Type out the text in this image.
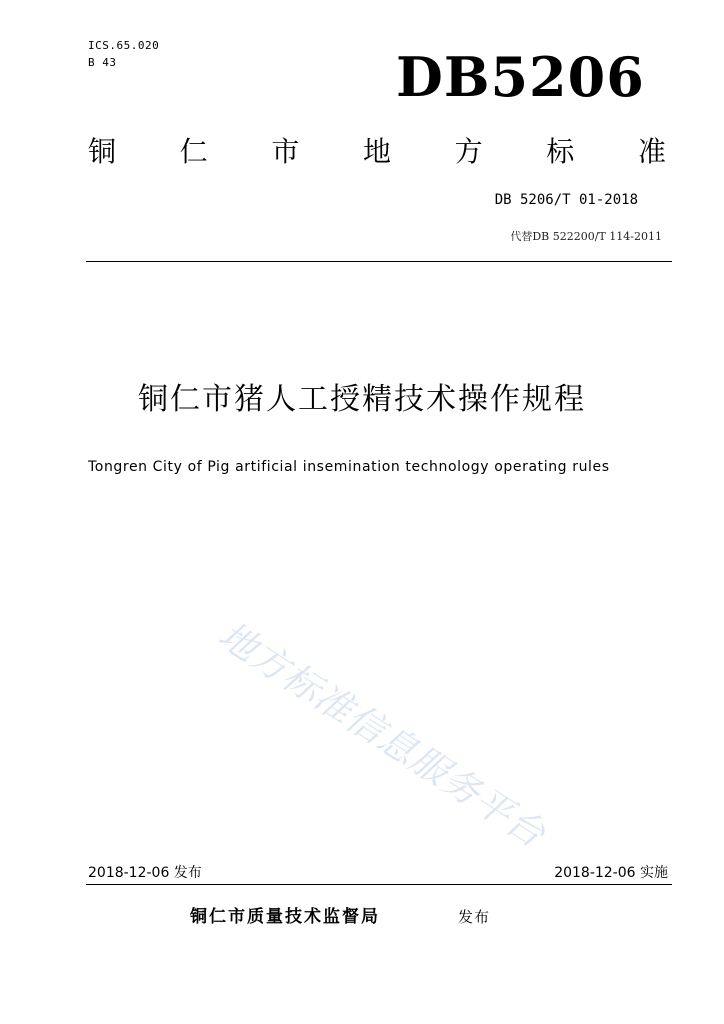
ICS.65.020
B 43	DB5206
铜 仁 市 地 方 标 准
DB 5206/T 01-2018
代替DB 522200/T 114-2011
铜仁市猪人工授精技术操作规程
Tongren City of Pig artificial insemination technology operating rules
地方标准信息服务平台
2018-12-06 发布	2018-12-06 实施
铜仁市质量技术监督局	发布
